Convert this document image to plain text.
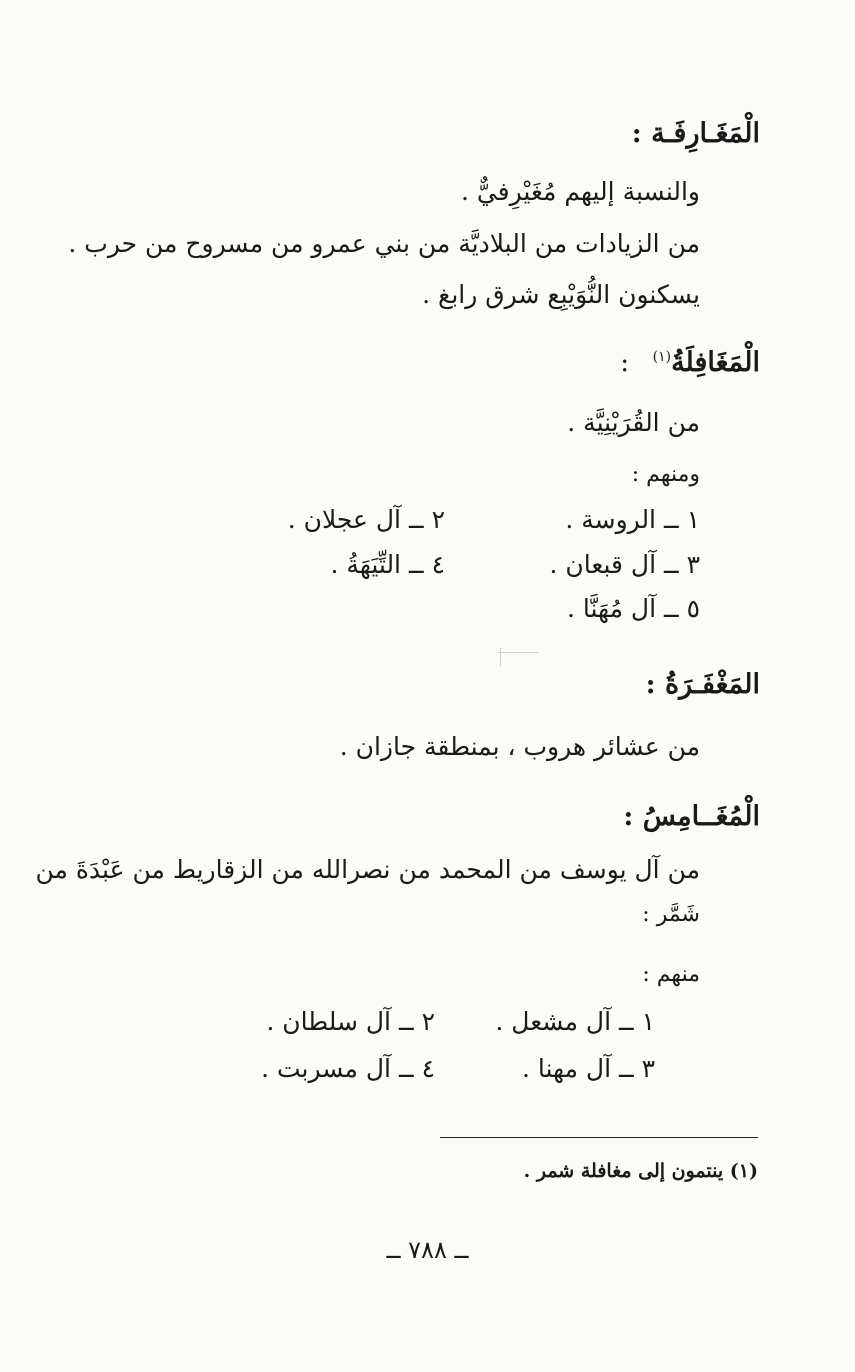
الْمَغَـارِفَـة :
والنسبة إليهم مُغَيْرِفيٌّ .
من الزيادات من البلاديَّة من بني عمرو من مسروح من حرب .
يسكنون النُّوَيْبِع شرق رابغ .
الْمَغَافِلَةُ$^{(١)}$ :
من القُرَيْنِيَّة .
ومنهم :
١ ــ الروسة .
٢ ــ آل عجلان .
٣ ــ آل قبعان .
٤ ــ التِّيَهَةُ .
٥ ــ آل مُهَنَّا .
المَغْفَـرَةُ :
من عشائر هروب ، بمنطقة جازان .
الْمُغَــامِسُ :
من آل يوسف من المحمد من نصرالله من الزقاريط من عَبْدَةَ من
شَمَّر :
منهم :
١ ــ آل مشعل .
٢ ــ آل سلطان .
٣ ــ آل مهنا .
٤ ــ آل مسربت .
(١) ينتمون إلى مغافلة شمر .
ــ ٧٨٨ ــ
